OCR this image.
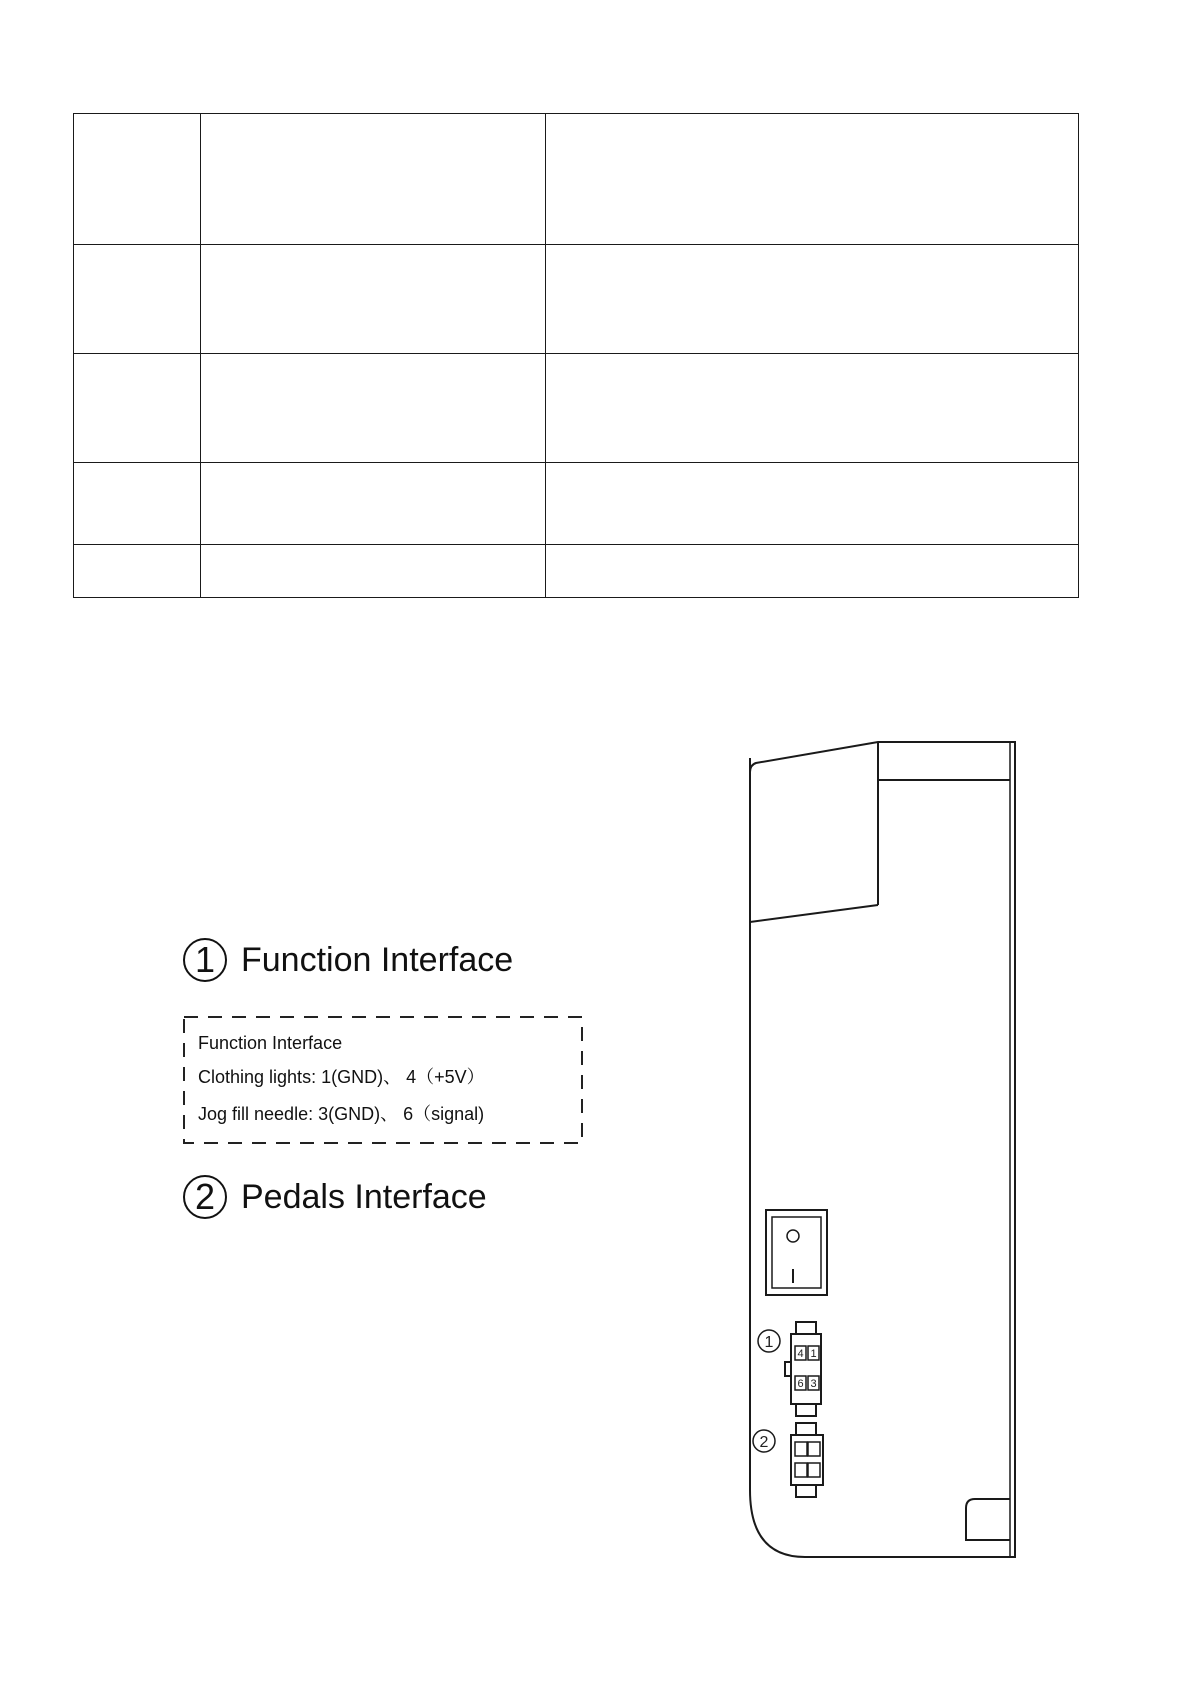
1 Function Interface
Function Interface
Clothing lights: 1(GND)、 4（+5V）
Jog fill needle: 3(GND)、 6（signal)
2 Pedals Interface
1
2
4 1
6 3
